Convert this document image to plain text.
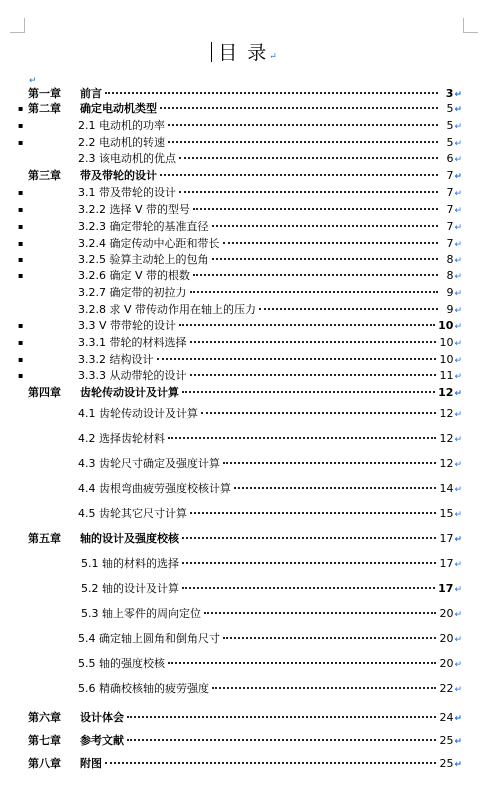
目 录↵
↵
第一章	前言	3 ↵
▪ 第二章	确定电动机类型	5 ↵
▪	2.1 电动机的功率	5 ↵
▪	2.2 电动机的转速	5 ↵
2.3 该电动机的优点	6 ↵
第三章	带及带轮的设计	7 ↵
▪	3.1 带及带轮的设计	7 ↵
▪	3.2.2 选择 V 带的型号	7 ↵
▪	3.2.3 确定带轮的基准直径	7 ↵
▪	3.2.4 确定传动中心距和带长	7 ↵
▪	3.2.5 验算主动轮上的包角	8 ↵
▪	3.2.6 确定 V 带的根数	8 ↵
3.2.7 确定带的初拉力	9 ↵
3.2.8 求 V 带传动作用在轴上的压力	9 ↵
▪	3.3 V 带带轮的设计	10 ↵
▪	3.3.1 带轮的材料选择	10 ↵
▪	3.3.2 结构设计	10 ↵
▪	3.3.3 从动带轮的设计	11 ↵
第四章	齿轮传动设计及计算	12 ↵
4.1 齿轮传动设计及计算	12 ↵
4.2 选择齿轮材料	12 ↵
4.3 齿轮尺寸确定及强度计算	12 ↵
4.4 齿根弯曲疲劳强度校核计算	14 ↵
4.5 齿轮其它尺寸计算	15 ↵
第五章	轴的设计及强度校核	17 ↵
5.1 轴的材料的选择	17 ↵
5.2 轴的设计及计算	17 ↵
5.3 轴上零件的周向定位	20 ↵
5.4 确定轴上圆角和倒角尺寸	20 ↵
5.5 轴的强度校核	20 ↵
5.6 精确校核轴的疲劳强度	22 ↵
第六章	设计体会	24 ↵
第七章	参考文献	25 ↵
第八章	附图	25 ↵
